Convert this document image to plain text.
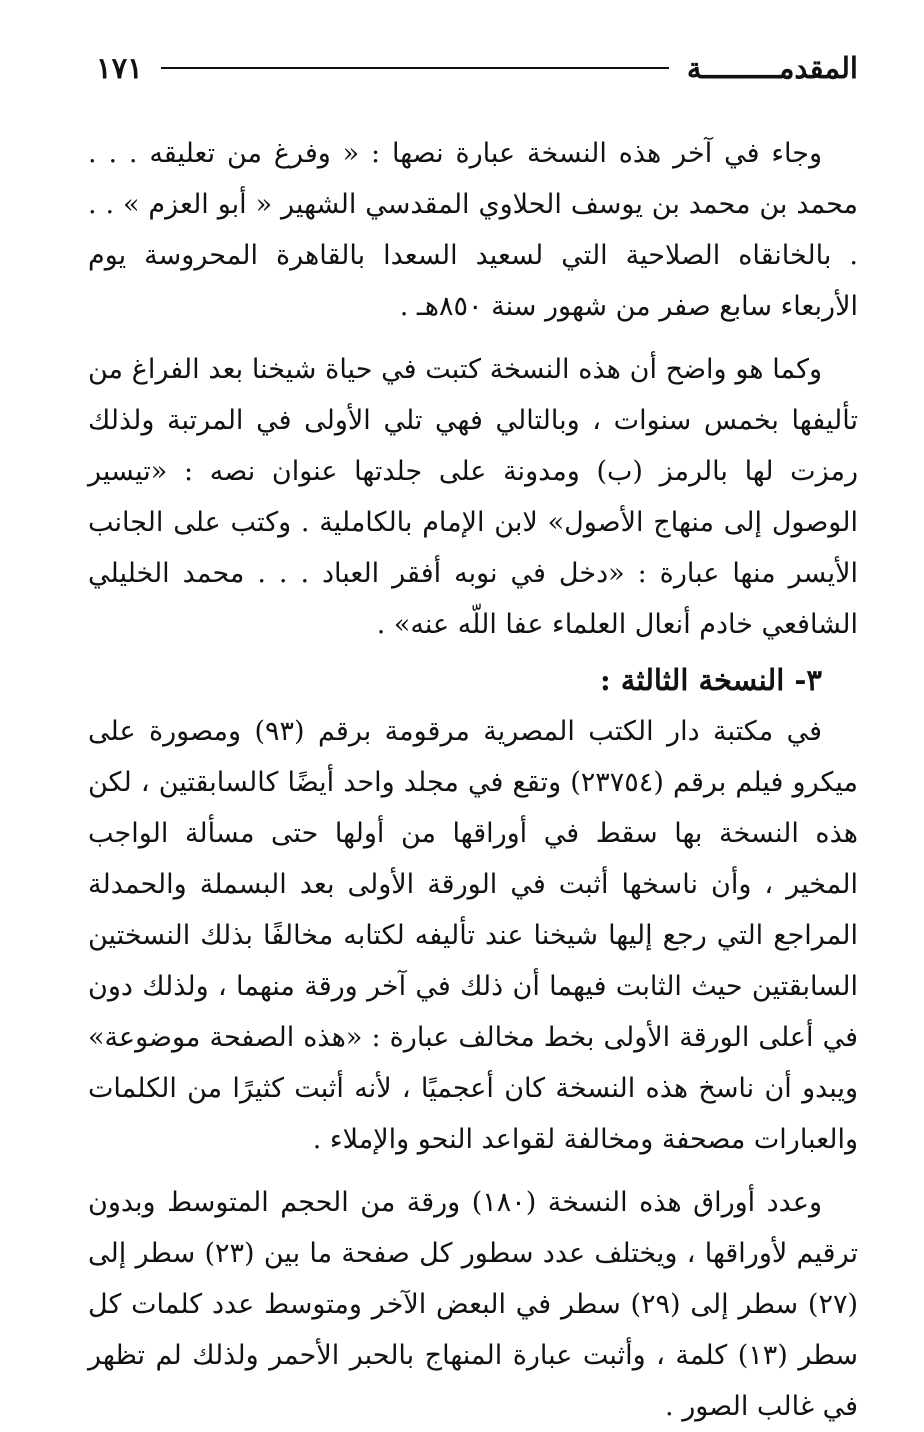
المقدمـــــــــة
١٧١

وجاء في آخر هذه النسخة عبارة نصها : « وفرغ من تعليقه . . . محمد بن محمد بن يوسف الحلاوي المقدسي الشهير « أبو العزم » . . . بالخانقاه الصلاحية التي لسعيد السعدا بالقاهرة المحروسة يوم الأربعاء سابع صفر من شهور سنة ٨٥٠هـ .

وكما هو واضح أن هذه النسخة كتبت في حياة شيخنا بعد الفراغ من تأليفها بخمس سنوات ، وبالتالي فهي تلي الأولى في المرتبة ولذلك رمزت لها بالرمز (ب) ومدونة على جلدتها عنوان نصه : «تيسير الوصول إلى منهاج الأصول» لابن الإمام بالكاملية . وكتب على الجانب الأيسر منها عبارة : «دخل في نوبه أفقر العباد . . . محمد الخليلي الشافعي خادم أنعال العلماء عفا اللّه عنه» .

٣- النسخة الثالثة :

في مكتبة دار الكتب المصرية مرقومة برقم (٩٣) ومصورة على ميكرو فيلم برقم (٢٣٧٥٤) وتقع في مجلد واحد أيضًا كالسابقتين ، لكن هذه النسخة بها سقط في أوراقها من أولها حتى مسألة الواجب المخير ، وأن ناسخها أثبت في الورقة الأولى بعد البسملة والحمدلة المراجع التي رجع إليها شيخنا عند تأليفه لكتابه مخالفًا بذلك النسختين السابقتين حيث الثابت فيهما أن ذلك في آخر ورقة منهما ، ولذلك دون في أعلى الورقة الأولى بخط مخالف عبارة : «هذه الصفحة موضوعة» ويبدو أن ناسخ هذه النسخة كان أعجميًا ، لأنه أثبت كثيرًا من الكلمات والعبارات مصحفة ومخالفة لقواعد النحو والإملاء .

وعدد أوراق هذه النسخة (١٨٠) ورقة من الحجم المتوسط وبدون ترقيم لأوراقها ، ويختلف عدد سطور كل صفحة ما بين (٢٣) سطر إلى (٢٧) سطر إلى (٢٩) سطر في البعض الآخر ومتوسط عدد كلمات كل سطر (١٣) كلمة ، وأثبت عبارة المنهاج بالحبر الأحمر ولذلك لم تظهر في غالب الصور .
